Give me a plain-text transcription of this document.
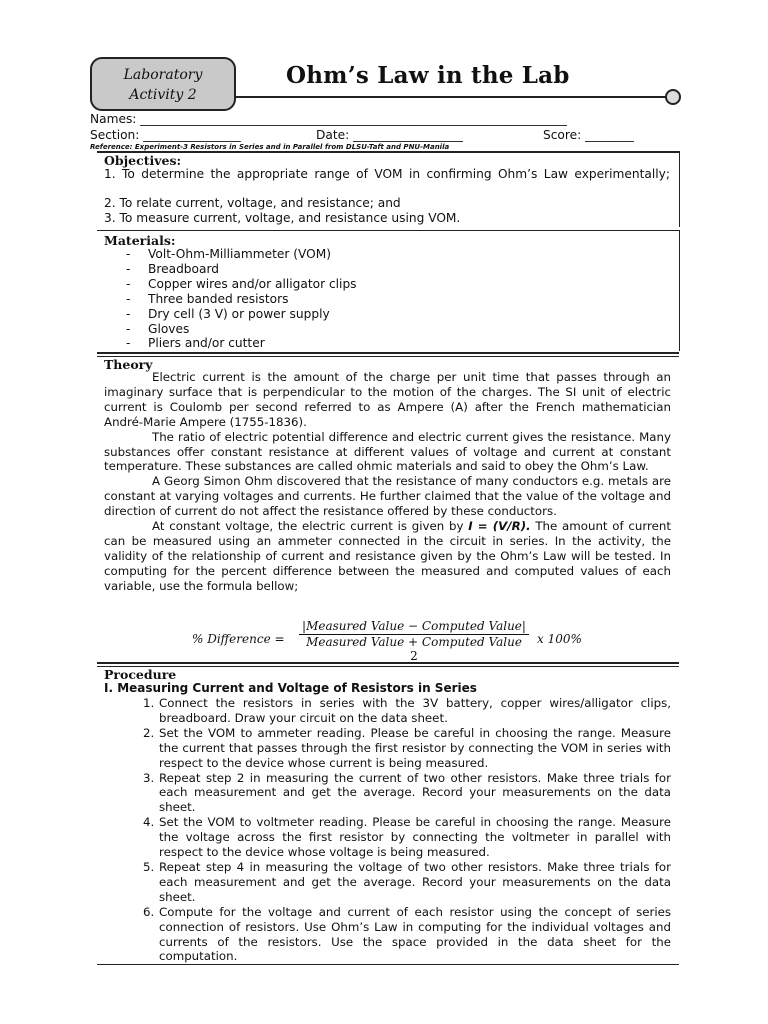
Laboratory
Activity 2
Ohm’s Law in the Lab
Names: ______________________________________________________________________
Section: ________________	Date: __________________	Score: ________
Reference: Experiment-3 Resistors in Series and in Parallel from DLSU-Taft and PNU-Manila
Objectives:

1. To determine the appropriate range of VOM in confirming Ohm’s Law experimentally;

2. To relate current, voltage, and resistance; and

3. To measure current, voltage, and resistance using VOM.

Materials:
- Volt-Ohm-Milliammeter (VOM)
- Breadboard
- Copper wires and/or alligator clips
- Three banded resistors
- Dry cell (3 V) or power supply
- Gloves
- Pliers and/or cutter
Theory

Electric current is the amount of the charge per unit time that passes through an imaginary surface that is perpendicular to the motion of the charges. The SI unit of electric current is Coulomb per second referred to as Ampere (A) after the French mathematician André-Marie Ampere (1755-1836).

The ratio of electric potential difference and electric current gives the resistance. Many substances offer constant resistance at different values of voltage and current at constant temperature. These substances are called ohmic materials and said to obey the Ohm’s Law.

A Georg Simon Ohm discovered that the resistance of many conductors e.g. metals are constant at varying voltages and currents. He further claimed that the value of the voltage and direction of current do not affect the resistance offered by these conductors.

At constant voltage, the electric current is given by I = (V/R). The amount of current can be measured using an ammeter connected in the circuit in series. In the activity, the validity of the relationship of current and resistance given by the Ohm’s Law will be tested. In computing for the percent difference between the measured and computed values of each variable, use the formula bellow;

% Difference =
|Measured Value − Computed Value|
Measured Value + Computed Value
2
x 100%
Procedure
I. Measuring Current and Voltage of Resistors in Series

1. Connect the resistors in series with the 3V battery, copper wires/alligator clips, breadboard. Draw your circuit on the data sheet.

2. Set the VOM to ammeter reading. Please be careful in choosing the range. Measure the current that passes through the first resistor by connecting the VOM in series with respect to the device whose current is being measured.

3. Repeat step 2 in measuring the current of two other resistors. Make three trials for each measurement and get the average. Record your measurements on the data sheet.

4. Set the VOM to voltmeter reading. Please be careful in choosing the range. Measure the voltage across the first resistor by connecting the voltmeter in parallel with respect to the device whose voltage is being measured.

5. Repeat step 4 in measuring the voltage of two other resistors. Make three trials for each measurement and get the average. Record your measurements on the data sheet.

6. Compute for the voltage and current of each resistor using the concept of series connection of resistors. Use Ohm’s Law in computing for the individual voltages and currents of the resistors. Use the space provided in the data sheet for the computation.
